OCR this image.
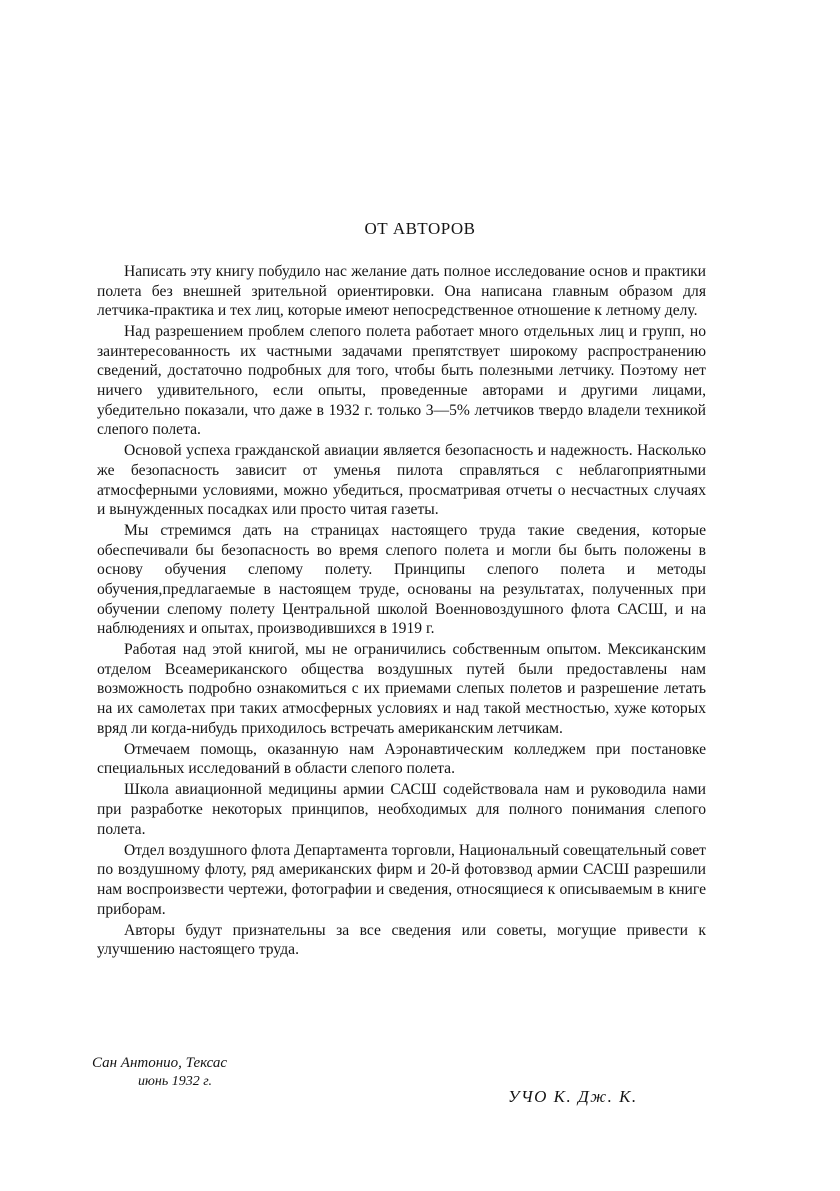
ОТ АВТОРОВ

Написать эту книгу побудило нас желание дать полное исследование основ и практики полета без внешней зрительной ориентировки. Она написана главным образом для летчика-практика и тех лиц, которые имеют непосредственное отношение к летному делу.

Над разрешением проблем слепого полета работает много отдельных лиц и групп, но заинтересованность их частными задачами препятствует широкому распространению сведений, достаточно подробных для того, чтобы быть полезными летчику. Поэтому нет ничего удивительного, если опыты, проведенные авторами и другими лицами, убедительно показали, что даже в 1932 г. только 3—5% летчиков твердо владели техникой слепого полета.

Основой успеха гражданской авиации является безопасность и надежность. Насколько же безопасность зависит от уменья пилота справляться с неблагоприятными атмосферными условиями, можно убедиться, просматривая отчеты о несчастных случаях и вынужденных посадках или просто читая газеты.

Мы стремимся дать на страницах настоящего труда такие сведения, которые обеспечивали бы безопасность во время слепого полета и могли бы быть положены в основу обучения слепому полету. Принципы слепого полета и методы обучения,предлагаемые в настоящем труде, основаны на результатах, полученных при обучении слепому полету Центральной школой Военновоздушного флота САСШ, и на наблюдениях и опытах, производившихся в 1919 г.

Работая над этой книгой, мы не ограничились собственным опытом. Мексиканским отделом Всеамериканского общества воздушных путей были предоставлены нам возможность подробно ознакомиться с их приемами слепых полетов и разрешение летать на их самолетах при таких атмосферных условиях и над такой местностью, хуже которых вряд ли когда-нибудь приходилось встречать американским летчикам.

Отмечаем помощь, оказанную нам Аэронавтическим колледжем при постановке специальных исследований в области слепого полета.

Школа авиационной медицины армии САСШ содействовала нам и руководила нами при разработке некоторых принципов, необходимых для полного понимания слепого полета.

Отдел воздушного флота Департамента торговли, Национальный совещательный совет по воздушному флоту, ряд американских фирм и 20-й фотовзвод армии САСШ разрешили нам воспроизвести чертежи, фотографии и сведения, относящиеся к описываемым в книге приборам.

Авторы будут признательны за все сведения или советы, могущие привести к улучшению настоящего труда.

Сан Антонио, Тексас
июнь 1932 г.
УЧО К. Дж. К.
